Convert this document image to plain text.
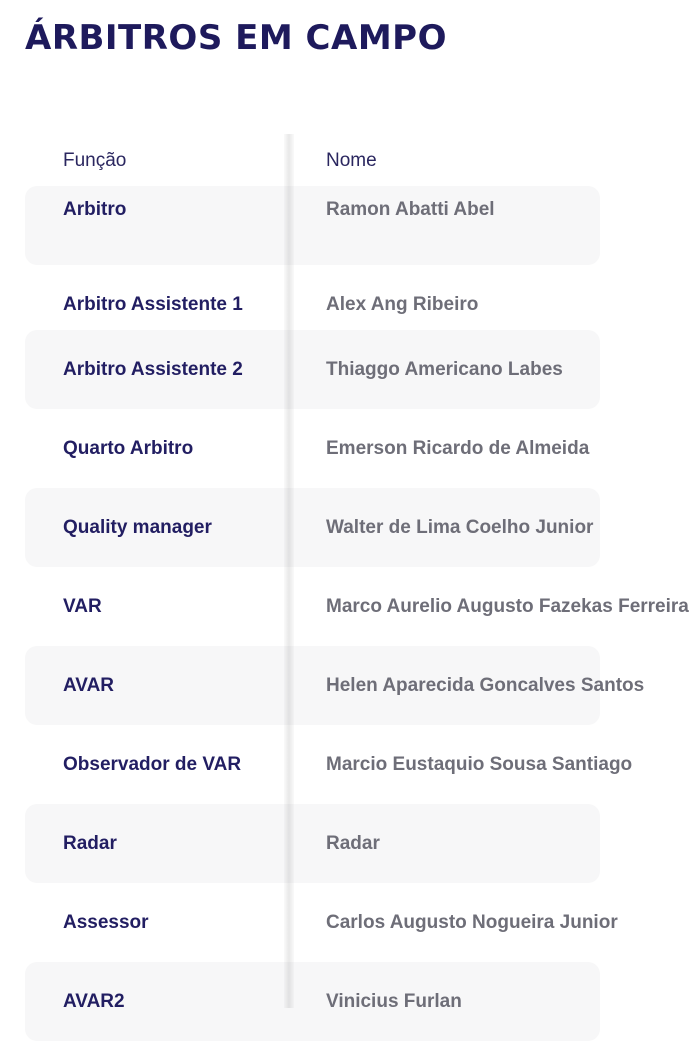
ÁRBITROS EM CAMPO
Função	Nome
Arbitro	Ramon Abatti Abel
Arbitro Assistente 1	Alex Ang Ribeiro
Arbitro Assistente 2	Thiaggo Americano Labes
Quarto Arbitro	Emerson Ricardo de Almeida
Quality manager	Walter de Lima Coelho Junior
VAR	Marco Aurelio Augusto Fazekas Ferreira
AVAR	Helen Aparecida Goncalves Santos
Observador de VAR	Marcio Eustaquio Sousa Santiago
Radar	Radar
Assessor	Carlos Augusto Nogueira Junior
AVAR2	Vinicius Furlan
